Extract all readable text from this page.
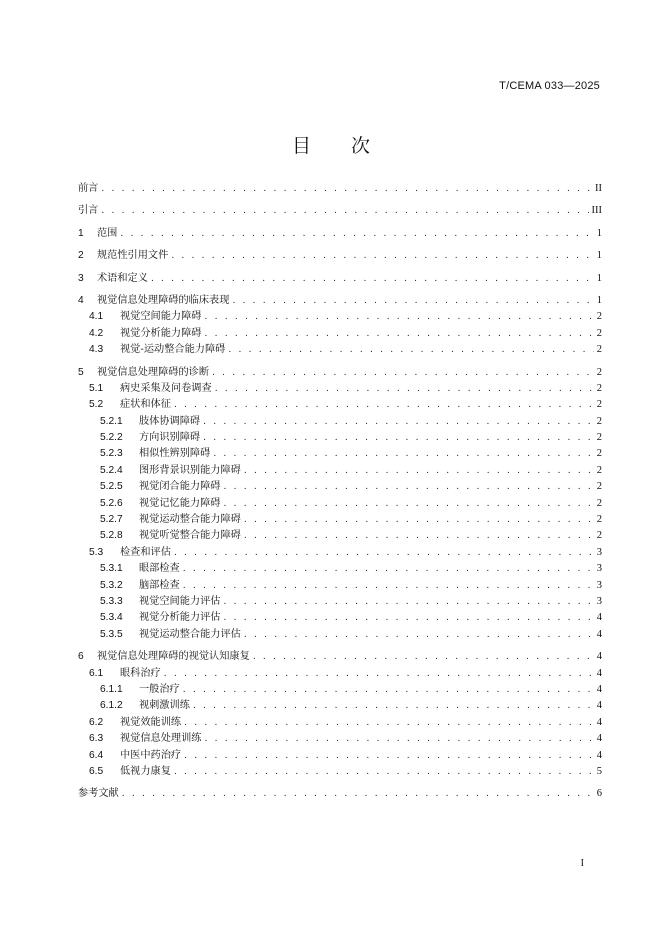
T/CEMA 033—2025
目 次
前言 . . .	II
引言 . . .	III
1	范围 . . .	1
2	规范性引用文件 . . .	1
3	术语和定义 . . .	1
4	视觉信息处理障碍的临床表现 . . .	1
4.1	视觉空间能力障碍 . . .	2
4.2	视觉分析能力障碍 . . .	2
4.3	视觉-运动整合能力障碍 . . .	2
5	视觉信息处理障碍的诊断 . . .	2
5.1	病史采集及问卷调查 . . .	2
5.2	症状和体征 . . .	2
5.2.1	肢体协调障碍 . . .	2
5.2.2	方向识别障碍 . . .	2
5.2.3	相似性辨别障碍 . . .	2
5.2.4	图形背景识别能力障碍 . . .	2
5.2.5	视觉闭合能力障碍 . . .	2
5.2.6	视觉记忆能力障碍 . . .	2
5.2.7	视觉运动整合能力障碍 . . .	2
5.2.8	视觉听觉整合能力障碍 . . .	2
5.3	检查和评估 . . .	3
5.3.1	眼部检查 . . .	3
5.3.2	脑部检查 . . .	3
5.3.3	视觉空间能力评估 . . .	3
5.3.4	视觉分析能力评估 . . .	4
5.3.5	视觉运动整合能力评估 . . .	4
6	视觉信息处理障碍的视觉认知康复 . . .	4
6.1	眼科治疗 . . .	4
6.1.1	一般治疗 . . .	4
6.1.2	视刺激训练 . . .	4
6.2	视觉效能训练 . . .	4
6.3	视觉信息处理训练 . . .	4
6.4	中医中药治疗 . . .	4
6.5	低视力康复 . . .	5
参考文献 . . .	6
I
